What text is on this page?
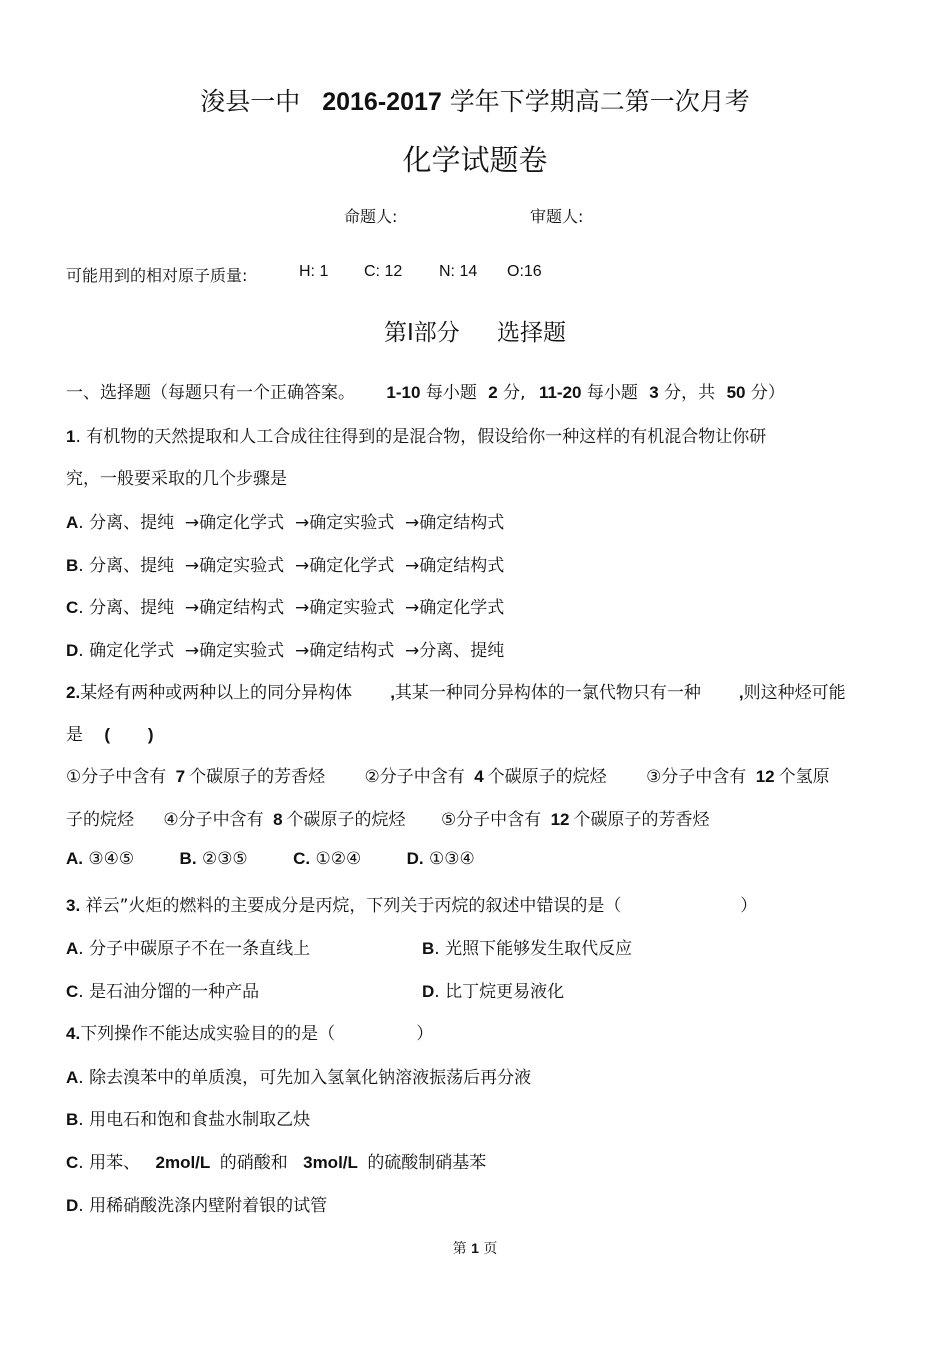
浚县一中 2016-2017 学年下学期高二第一次月考
化学试题卷
命题人:	审题人:
可能用到的相对原子质量:	H: 1 C: 12 N: 14 O:16
第Ⅰ部分 选择题
一、选择题（每题只有一个正确答案。 1-10 每小题 2 分, 11-20 每小题 3 分，共 50 分）
1. 有机物的天然提取和人工合成往往得到的是混合物，假设给你一种这样的有机混合物让你研
究，一般要采取的几个步骤是
A. 分离、提纯  →确定化学式  →确定实验式  →确定结构式
B. 分离、提纯  →确定实验式  →确定化学式  →确定结构式
C. 分离、提纯  →确定结构式  →确定实验式  →确定化学式
D. 确定化学式  →确定实验式  →确定结构式  →分离、提纯
2.某烃有两种或两种以上的同分异构体 ,其某一种同分异构体的一氯代物只有一种 ,则这种烃可能
是 (        )
①分子中含有 7 个碳原子的芳香烃 ②分子中含有 4 个碳原子的烷烃 ③分子中含有 12 个氢原
子的烷烃 ④分子中含有 8 个碳原子的烷烃 ⑤分子中含有 12 个碳原子的芳香烃
A. ③④⑤	B. ②③⑤	C. ①②④	D. ①③④
3. 祥云”火炬的燃料的主要成分是丙烷，下列关于丙烷的叙述中错误的是（                      ）
A. 分子中碳原子不在一条直线上	B. 光照下能够发生取代反应
C. 是石油分馏的一种产品	D. 比丁烷更易液化
4.下列操作不能达成实验目的的是（               ）
A. 除去溴苯中的单质溴，可先加入氢氧化钠溶液振荡后再分液
B. 用电石和饱和食盐水制取乙炔
C. 用苯、 2mol/L 的硝酸和 3mol/L 的硫酸制硝基苯
D. 用稀硝酸洗涤内壁附着银的试管
第 1 页
